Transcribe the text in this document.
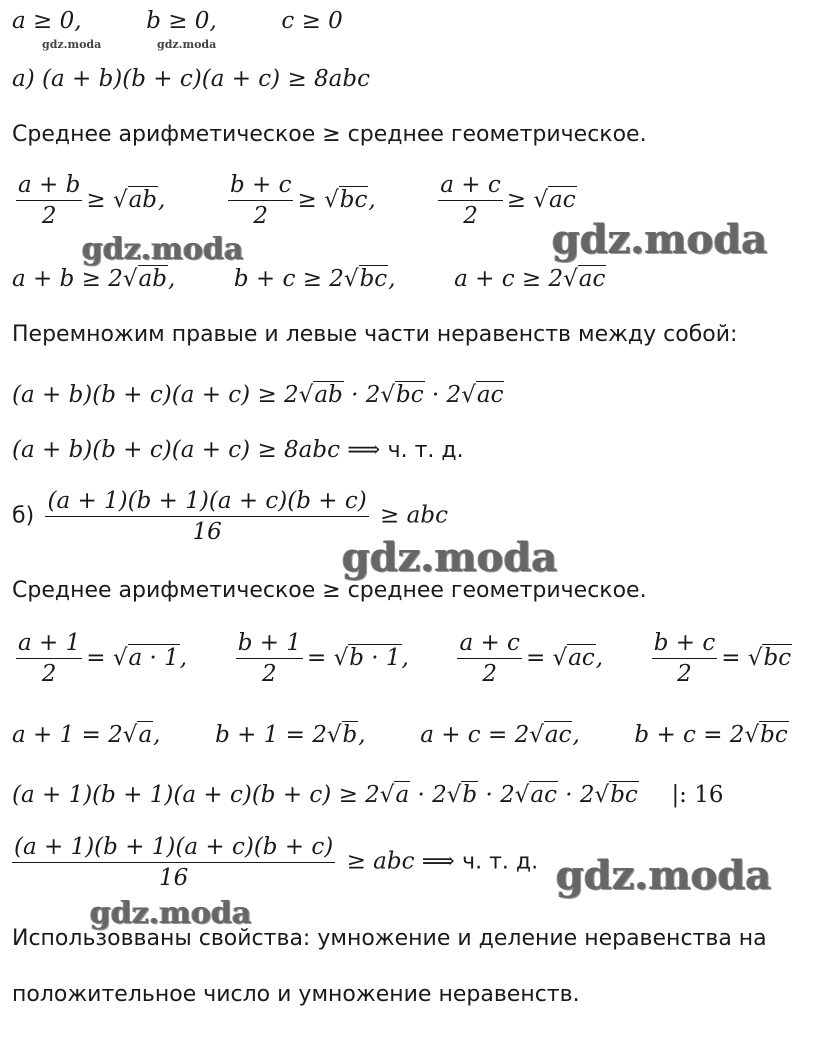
a ≥ 0,	b ≥ 0,	c ≥ 0
gdz.moda	gdz.moda
а) (a + b)(b + c)(a + c) ≥ 8abc
Среднее арифметическое ≥ среднее геометрическое.
$\frac{a + b}{2} \ge √ab$,	$\frac{b + c}{2} \ge √bc$,	$\frac{a + c}{2} \ge √ac$
gdz.moda	gdz.moda
a + b ≥ 2√ab,	b + c ≥ 2√bc,	a + c ≥ 2√ac
Перемножим правые и левые части неравенств между собой:
(a + b)(b + c)(a + c) ≥ 2√ab · 2√bc · 2√ac
(a + b)(b + c)(a + c) ≥ 8abc ⟹ ч. т. д.
$б) \frac{(a + 1)(b + 1)(a + c)(b + c)}{16}$ ≥ abc
gdz.moda
Среднее арифметическое ≥ среднее геометрическое.
$\frac{a + 1}{2} = √a \cdot 1$, $\frac{b + 1}{2} = √b \cdot 1$, $\frac{a + c}{2} = √ac$, $\frac{b + c}{2} = √bc$
a + 1 = 2√a, b + 1 = 2√b, a + c = 2√ac, b + c = 2√bc
(a + 1)(b + 1)(a + c)(b + c) ≥ 2√a · 2√b · 2√ac · 2√bc |: 16
$\frac{(a + 1)(b + 1)(a + c)(b + c)}{16}$ ≥ abc ⟹ ч. т. д. gdz.moda
gdz.moda
Использовваны свойства: умножение и деление неравенства на
положительное число и умножение неравенств.
